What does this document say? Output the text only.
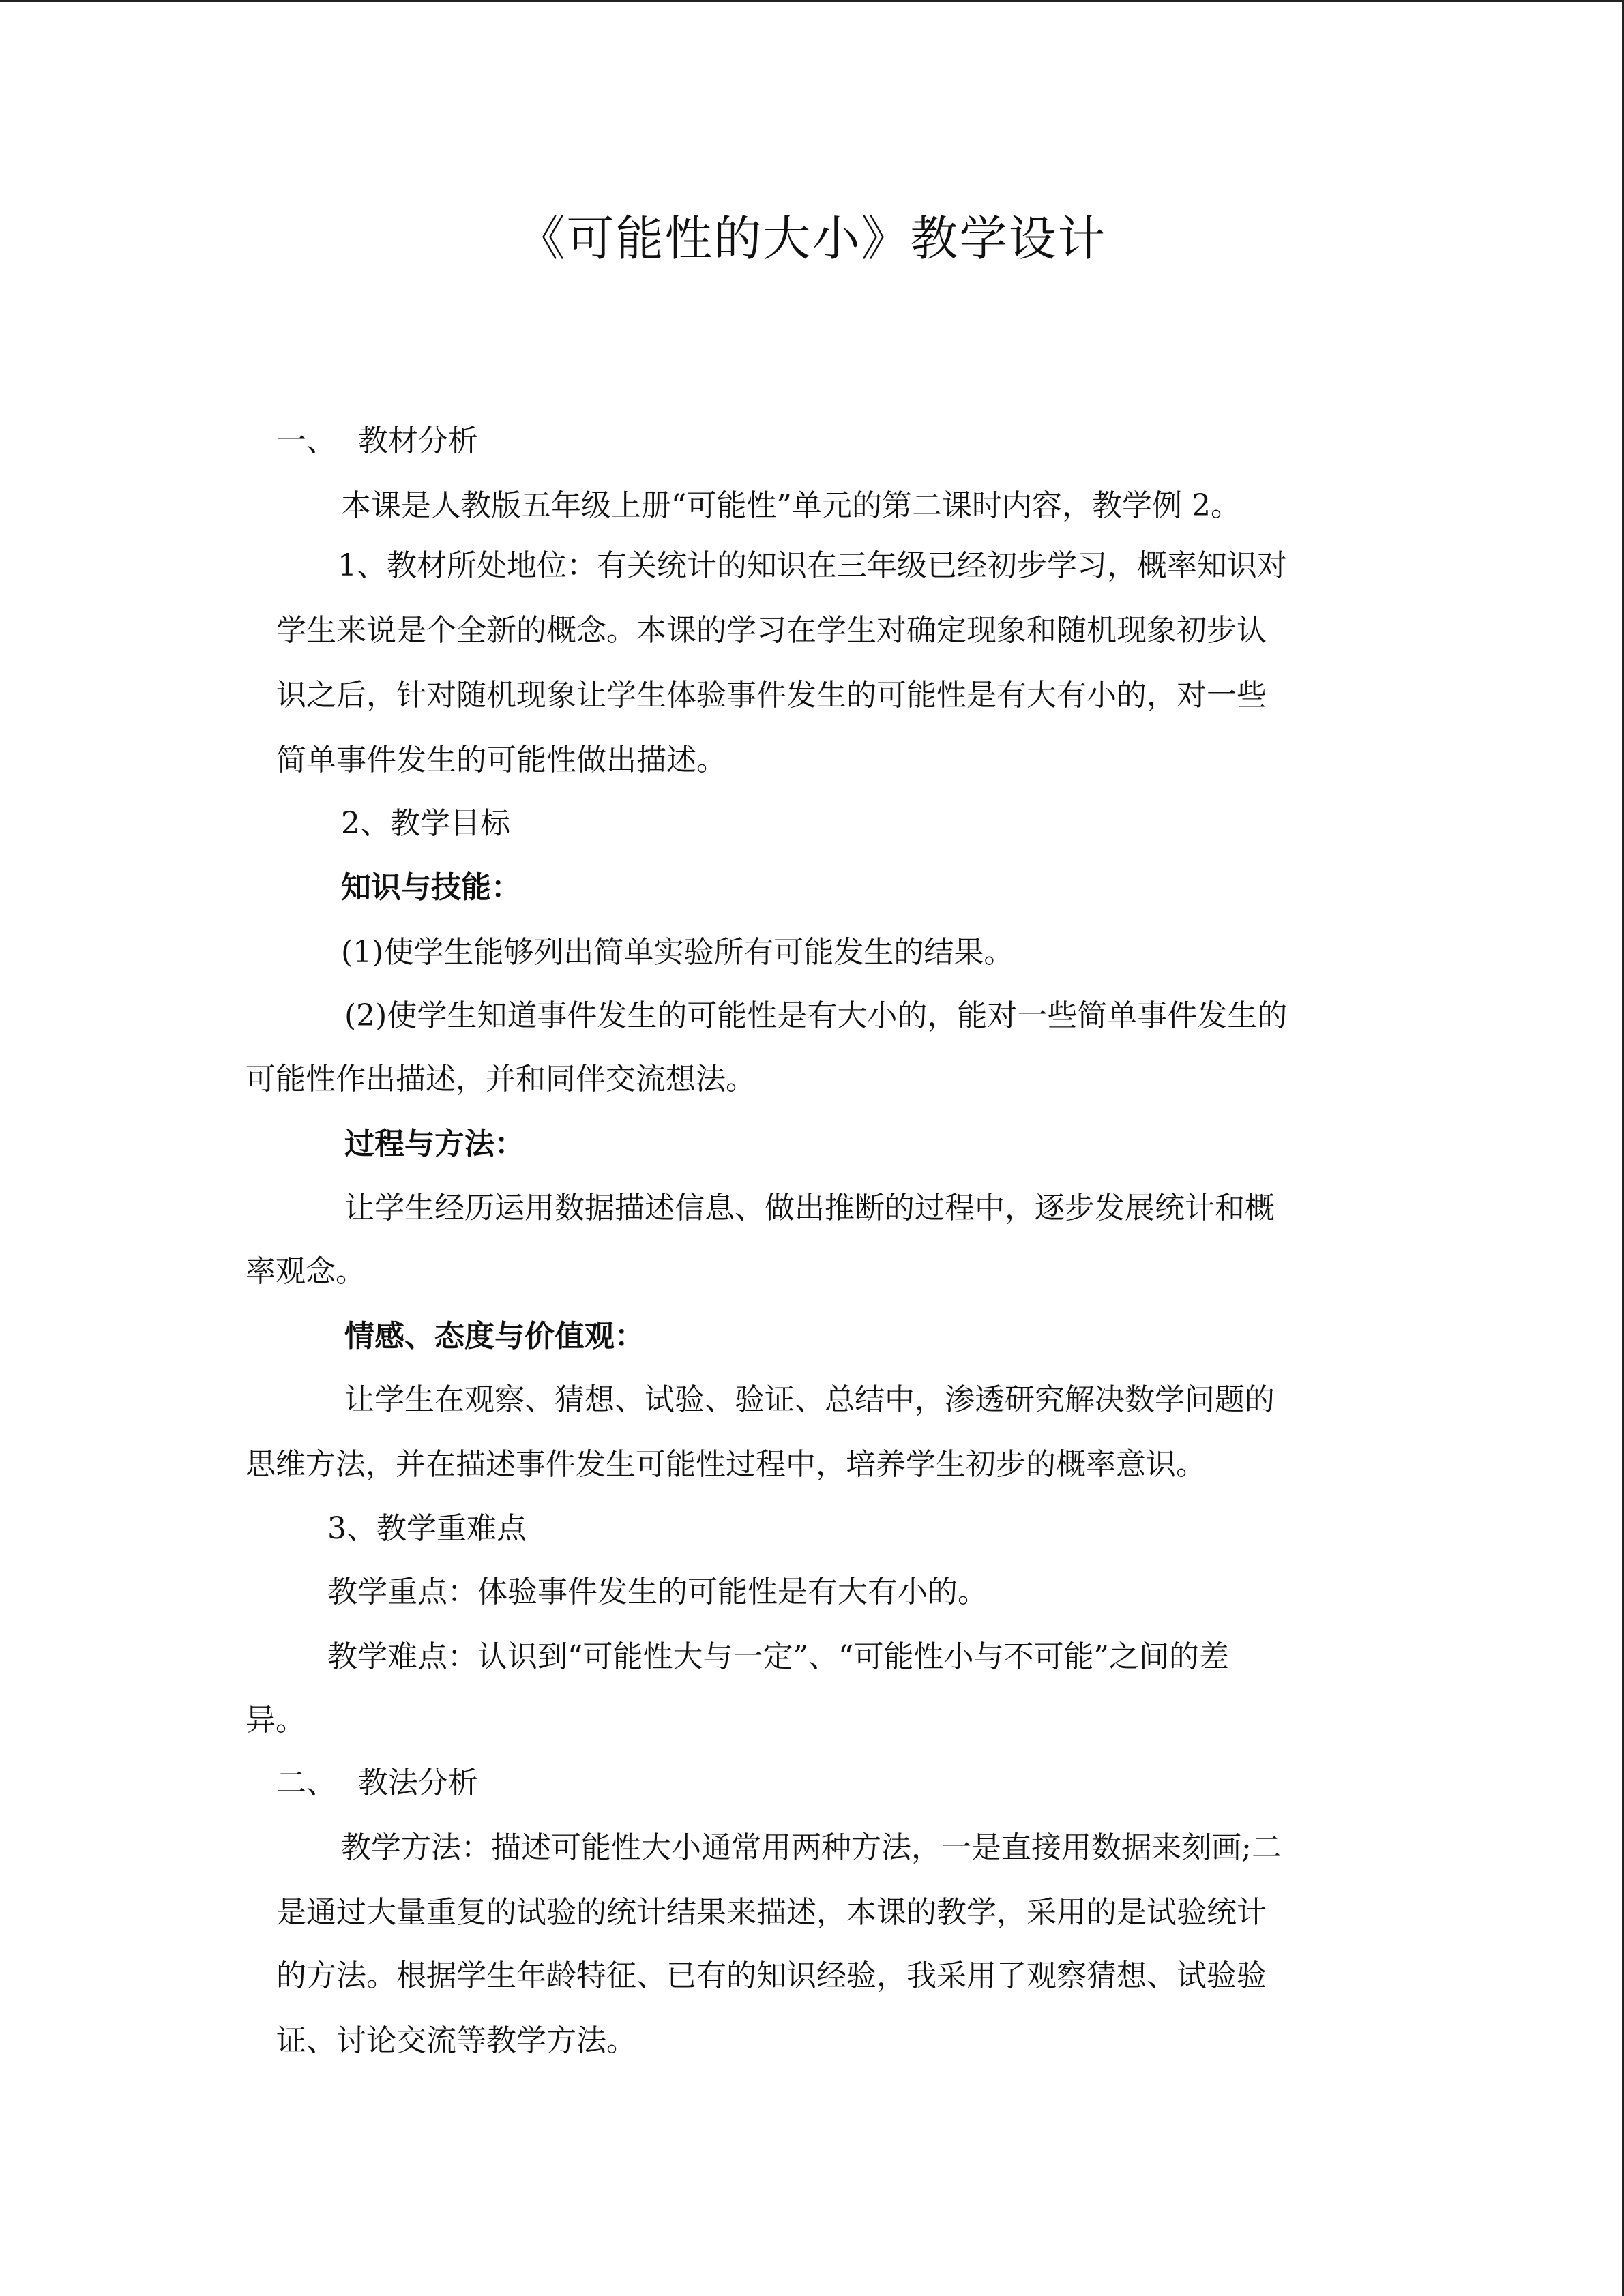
《可能性的大小》教学设计
一、 教材分析
本课是人教版五年级上册“可能性”单元的第二课时内容，教学例 2。
1、教材所处地位：有关统计的知识在三年级已经初步学习，概率知识对
学生来说是个全新的概念。本课的学习在学生对确定现象和随机现象初步认
识之后，针对随机现象让学生体验事件发生的可能性是有大有小的，对一些
简单事件发生的可能性做出描述。
2、教学目标
知识与技能：
(1)使学生能够列出简单实验所有可能发生的结果。
(2)使学生知道事件发生的可能性是有大小的，能对一些简单事件发生的
可能性作出描述，并和同伴交流想法。
过程与方法：
让学生经历运用数据描述信息、做出推断的过程中，逐步发展统计和概
率观念。
情感、态度与价值观：
让学生在观察、猜想、试验、验证、总结中，渗透研究解决数学问题的
思维方法，并在描述事件发生可能性过程中，培养学生初步的概率意识。
3、教学重难点
教学重点：体验事件发生的可能性是有大有小的。
教学难点：认识到“可能性大与一定”、“可能性小与不可能”之间的差
异。
二、 教法分析
教学方法：描述可能性大小通常用两种方法，一是直接用数据来刻画;二
是通过大量重复的试验的统计结果来描述，本课的教学，采用的是试验统计
的方法。根据学生年龄特征、已有的知识经验，我采用了观察猜想、试验验
证、讨论交流等教学方法。
